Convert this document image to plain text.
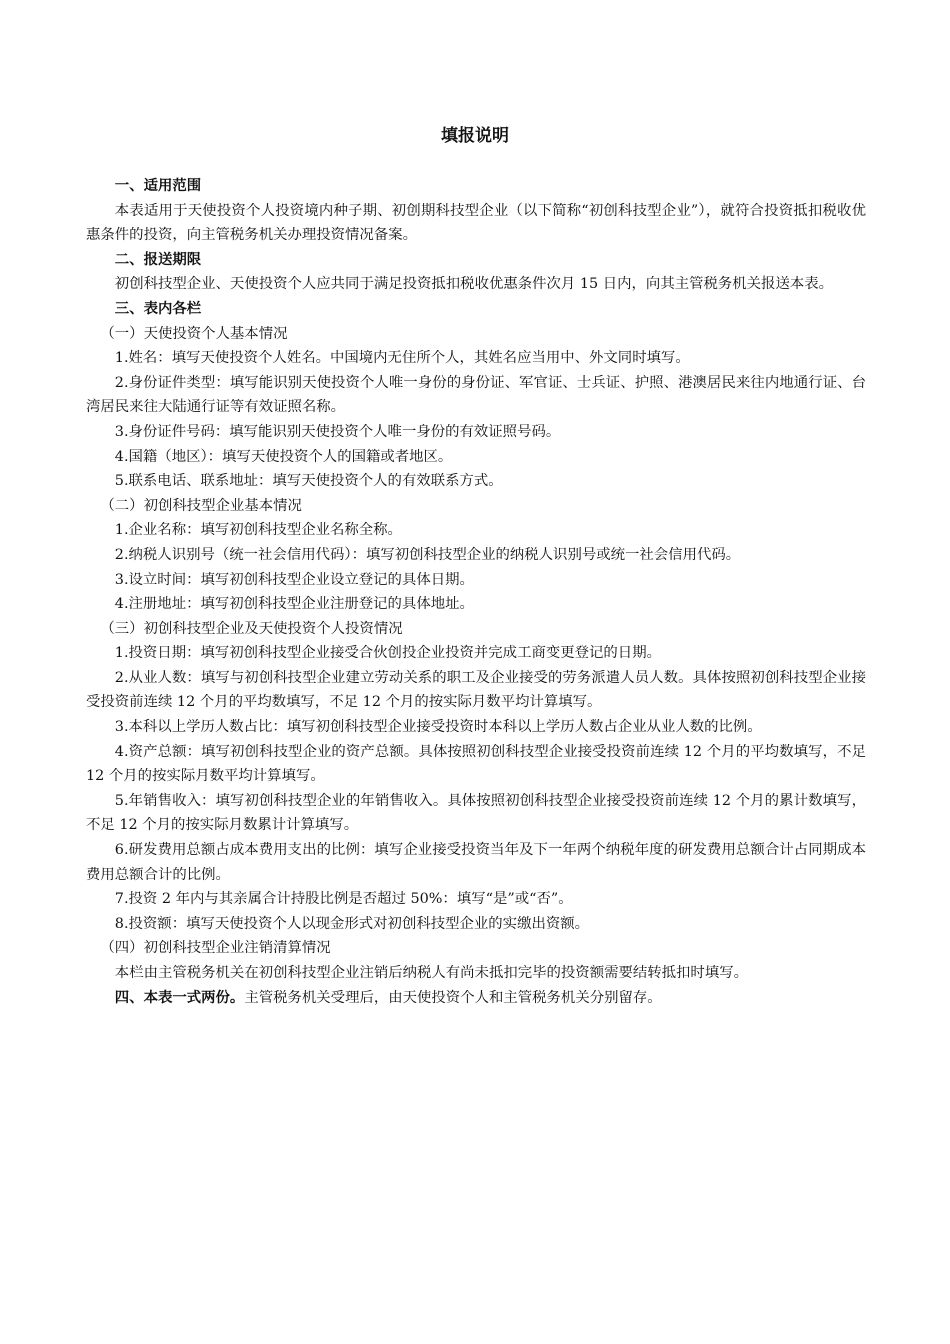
填报说明

一、适用范围

本表适用于天使投资个人投资境内种子期、初创期科技型企业（以下简称“初创科技型企业”），就符合投资抵扣税收优惠条件的投资，向主管税务机关办理投资情况备案。

二、报送期限

初创科技型企业、天使投资个人应共同于满足投资抵扣税收优惠条件次月 15 日内，向其主管税务机关报送本表。

三、表内各栏

（一）天使投资个人基本情况

1.姓名：填写天使投资个人姓名。中国境内无住所个人，其姓名应当用中、外文同时填写。

2.身份证件类型：填写能识别天使投资个人唯一身份的身份证、军官证、士兵证、护照、港澳居民来往内地通行证、台湾居民来往大陆通行证等有效证照名称。

3.身份证件号码：填写能识别天使投资个人唯一身份的有效证照号码。

4.国籍（地区）：填写天使投资个人的国籍或者地区。

5.联系电话、联系地址：填写天使投资个人的有效联系方式。

（二）初创科技型企业基本情况

1.企业名称：填写初创科技型企业名称全称。

2.纳税人识别号（统一社会信用代码）：填写初创科技型企业的纳税人识别号或统一社会信用代码。

3.设立时间：填写初创科技型企业设立登记的具体日期。

4.注册地址：填写初创科技型企业注册登记的具体地址。

（三）初创科技型企业及天使投资个人投资情况

1.投资日期：填写初创科技型企业接受合伙创投企业投资并完成工商变更登记的日期。

2.从业人数：填写与初创科技型企业建立劳动关系的职工及企业接受的劳务派遣人员人数。具体按照初创科技型企业接受投资前连续 12 个月的平均数填写，不足 12 个月的按实际月数平均计算填写。

3.本科以上学历人数占比：填写初创科技型企业接受投资时本科以上学历人数占企业从业人数的比例。

4.资产总额：填写初创科技型企业的资产总额。具体按照初创科技型企业接受投资前连续 12 个月的平均数填写，不足 12 个月的按实际月数平均计算填写。

5.年销售收入：填写初创科技型企业的年销售收入。具体按照初创科技型企业接受投资前连续 12 个月的累计数填写，不足 12 个月的按实际月数累计计算填写。

6.研发费用总额占成本费用支出的比例：填写企业接受投资当年及下一年两个纳税年度的研发费用总额合计占同期成本费用总额合计的比例。

7.投资 2 年内与其亲属合计持股比例是否超过 50%：填写“是”或“否”。

8.投资额：填写天使投资个人以现金形式对初创科技型企业的实缴出资额。

（四）初创科技型企业注销清算情况

本栏由主管税务机关在初创科技型企业注销后纳税人有尚未抵扣完毕的投资额需要结转抵扣时填写。

四、本表一式两份。主管税务机关受理后，由天使投资个人和主管税务机关分别留存。
